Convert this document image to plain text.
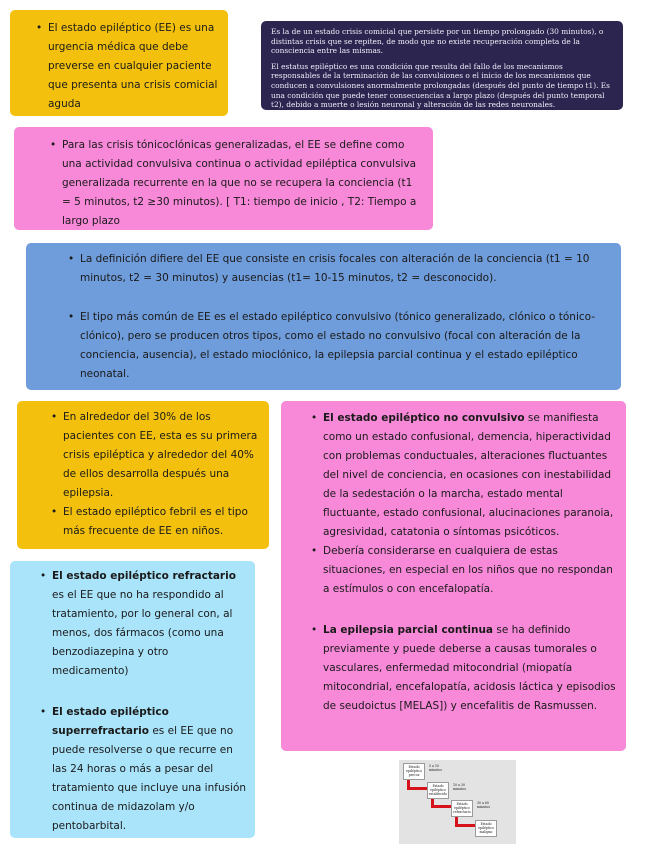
• El estado epiléptico (EE) es una urgencia médica que debe preverse en cualquier paciente que presenta una crisis comicial aguda

Es la de un estado crisis comicial que persiste por un tiempo prolongado (30 minutos), o distintas crisis que se repiten, de modo que no existe recuperación completa de la consciencia entre las mismas.

El estatus epiléptico es una condición que resulta del fallo de los mecanismos responsables de la terminación de las convulsiones o el inicio de los mecanismos que conducen a convulsiones anormalmente prolongadas (después del punto de tiempo t1). Es una condición que puede tener consecuencias a largo plazo (después del punto temporal t2), debido a muerte o lesión neuronal y alteración de las redes neuronales.

• Para las crisis tónicoclónicas generalizadas, el EE se define como una actividad convulsiva continua o actividad epiléptica convulsiva generalizada recurrente en la que no se recupera la conciencia (t1 = 5 minutos, t2 ≥30 minutos). [ T1: tiempo de inicio , T2: Tiempo a largo plazo
• La definición difiere del EE que consiste en crisis focales con alteración de la conciencia (t1 = 10 minutos, t2 = 30 minutos) y ausencias (t1= 10-15 minutos, t2 = desconocido).
• El tipo más común de EE es el estado epiléptico convulsivo (tónico generalizado, clónico o tónico-clónico), pero se producen otros tipos, como el estado no convulsivo (focal con alteración de la conciencia, ausencia), el estado mioclónico, la epilepsia parcial continua y el estado epiléptico neonatal.
• En alrededor del 30% de los pacientes con EE, esta es su primera crisis epiléptica y alrededor del 40% de ellos desarrolla después una epilepsia.
• El estado epiléptico febril es el tipo más frecuente de EE en niños.
• El estado epiléptico no convulsivo se manifiesta como un estado confusional, demencia, hiperactividad con problemas conductuales, alteraciones fluctuantes del nivel de conciencia, en ocasiones con inestabilidad de la sedestación o la marcha, estado mental fluctuante, estado confusional, alucinaciones paranoia, agresividad, catatonia o síntomas psicóticos.
• Debería considerarse en cualquiera de estas situaciones, en especial en los niños que no respondan a estímulos o con encefalopatía.
• La epilepsia parcial continua se ha definido previamente y puede deberse a causas tumorales o vasculares, enfermedad mitocondrial (miopatía mitocondrial, encefalopatía, acidosis láctica y episodios de seudoictus [MELAS]) y encefalitis de Rasmussen.
• El estado epiléptico refractario es el EE que no ha respondido al tratamiento, por lo general con, al menos, dos fármacos (como una benzodiazepina y otro medicamento)
• El estado epiléptico superrefractario es el EE que no puede resolverse o que recurre en las 24 horas o más a pesar del tratamiento que incluye una infusión continua de midazolam y/o pentobarbital.
Estado epiléptico precoz
5 a 10 minutos
Estado epiléptico establecido
10 a 30 minutos
Estado epiléptico refractario
30 a 60 minutos
Estado epiléptico maligno
